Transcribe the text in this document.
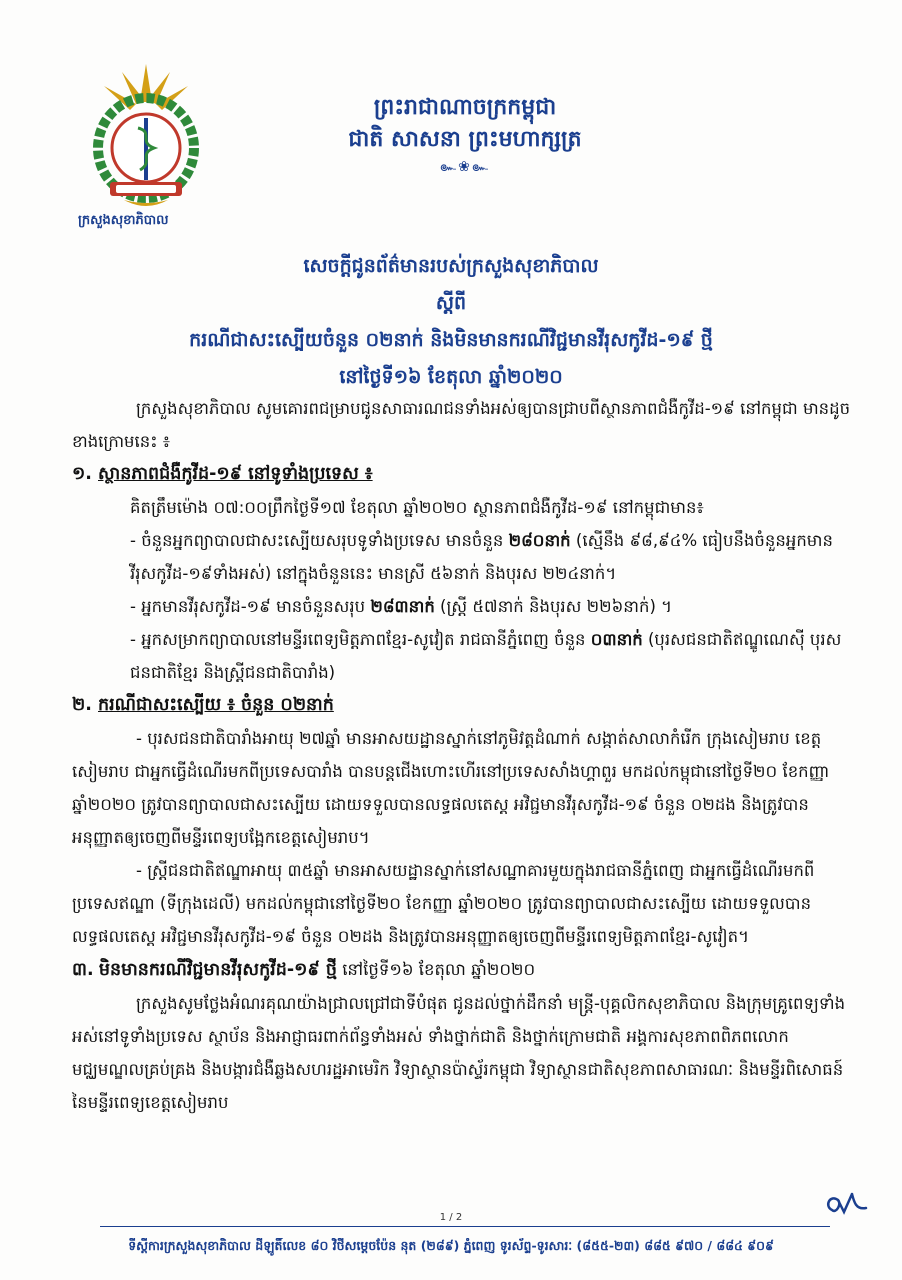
ក្រសួងសុខាភិបាល
ព្រះរាជាណាចក្រកម្ពុជា
ជាតិ សាសនា ព្រះមហាក្សត្រ
๛❀๛
សេចក្ដីជូនព័ត៌មានរបស់ក្រសួងសុខាភិបាល
ស្ដីពី
ករណីជាសះស្បើយចំនួន ០២នាក់ និងមិនមានករណីវិជ្ជមានវីរុសកូវីដ-១៩ ថ្មី
នៅថ្ងៃទី១៦ ខែតុលា ឆ្នាំ២០២០

ក្រសួងសុខាភិបាល សូមគោរពជម្រាបជូនសាធារណជនទាំងអស់ឲ្យបានជ្រាបពីស្ថានភាពជំងឺកូវីដ-១៩ នៅកម្ពុជា មានដូចខាងក្រោមនេះ ៖

១. ស្ថានភាពជំងឺកូវីដ-១៩ នៅទូទាំងប្រទេស ៖

គិតត្រឹមម៉ោង ០៧:០០ព្រឹកថ្ងៃទី១៧ ខែតុលា ឆ្នាំ២០២០ ស្ថានភាពជំងឺកូវីដ-១៩ នៅកម្ពុជាមាន៖

- ចំនួនអ្នកព្យាបាលជាសះស្បើយសរុបទូទាំងប្រទេស មានចំនួន ២៨០នាក់ (ស្មើនឹង ៩៨,៩៤% ធៀបនឹងចំនួនអ្នកមានវីរុសកូវីដ-១៩ទាំងអស់) នៅក្នុងចំនួននេះ មានស្រី ៥៦នាក់ និងបុរស ២២៤នាក់។

- អ្នកមានវីរុសកូវីដ-១៩ មានចំនួនសរុប ២៨៣នាក់ (ស្ត្រី ៥៧នាក់ និងបុរស ២២៦នាក់) ។

- អ្នកសម្រាកព្យាបាលនៅមន្ទីរពេទ្យមិត្តភាពខ្មែរ-សូវៀត រាជធានីភ្នំពេញ ចំនួន ០៣នាក់ (បុរសជនជាតិឥណ្ឌូណេស៊ី បុរសជនជាតិខ្មែរ និងស្ត្រីជនជាតិបារាំង)

២. ករណីជាសះស្បើយ ៖ ចំនួន ០២នាក់

- បុរសជនជាតិបារាំងអាយុ ២៧ឆ្នាំ មានអាសយដ្ឋានស្នាក់នៅភូមិវត្តដំណាក់ សង្កាត់សាលាកំរើក ក្រុងសៀមរាប ខេត្តសៀមរាប ជាអ្នកធ្វើដំណើរមកពីប្រទេសបារាំង បានបន្តជើងហោះហើរនៅប្រទេសសាំងហ្គាពួរ មកដល់កម្ពុជានៅថ្ងៃទី២០ ខែកញ្ញា ឆ្នាំ២០២០ ត្រូវបានព្យាបាលជាសះស្បើយ ដោយទទួលបានលទ្ធផលតេស្ត អវិជ្ជមានវីរុសកូវីដ-១៩ ចំនួន ០២ដង និងត្រូវបានអនុញ្ញាតឲ្យចេញពីមន្ទីរពេទ្យបង្អែកខេត្តសៀមរាប។

- ស្ត្រីជនជាតិឥណ្ឌាអាយុ ៣៥ឆ្នាំ មានអាសយដ្ឋានស្នាក់នៅសណ្ឋាគារមួយក្នុងរាជធានីភ្នំពេញ ជាអ្នកធ្វើដំណើរមកពីប្រទេសឥណ្ឌា (ទីក្រុងដេលី) មកដល់កម្ពុជានៅថ្ងៃទី២០ ខែកញ្ញា ឆ្នាំ២០២០ ត្រូវបានព្យាបាលជាសះស្បើយ ដោយទទួលបានលទ្ធផលតេស្ត អវិជ្ជមានវីរុសកូវីដ-១៩ ចំនួន ០២ដង និងត្រូវបានអនុញ្ញាតឲ្យចេញពីមន្ទីរពេទ្យមិត្តភាពខ្មែរ-សូវៀត។

៣. មិនមានករណីវិជ្ជមានវីរុសកូវីដ-១៩ ថ្មី នៅថ្ងៃទី១៦ ខែតុលា ឆ្នាំ២០២០

ក្រសួងសូមថ្លែងអំណរគុណយ៉ាងជ្រាលជ្រៅជាទីបំផុត ជូនដល់ថ្នាក់ដឹកនាំ មន្ត្រី-បុគ្គលិកសុខាភិបាល និងក្រុមគ្រូពេទ្យទាំងអស់នៅទូទាំងប្រទេស ស្ថាប័ន និងអាជ្ញាធរពាក់ព័ន្ធទាំងអស់ ទាំងថ្នាក់ជាតិ និងថ្នាក់ក្រោមជាតិ អង្គការសុខភាពពិភពលោក មជ្ឈមណ្ឌលគ្រប់គ្រង និងបង្ការជំងឺឆ្លងសហរដ្ឋអាមេរិក វិទ្យាស្ថានប៉ាស្ទ័រកម្ពុជា វិទ្យាស្ថានជាតិសុខភាពសាធារណៈ និងមន្ទីរពិសោធន៍នៃមន្ទីរពេទ្យខេត្តសៀមរាប

1 / 2
ទីស្ដីការក្រសួងសុខាភិបាល ដីឡូតិ៍លេខ ៨០ វិថីសម្ដេចប៉ែន នុត (២៨៩) ភ្នំពេញ ទូរស័ព្ទ-ទូរសារៈ (៨៥៥-២៣) ៨៨៥ ៩៧០ / ៨៨៤ ៩០៩
